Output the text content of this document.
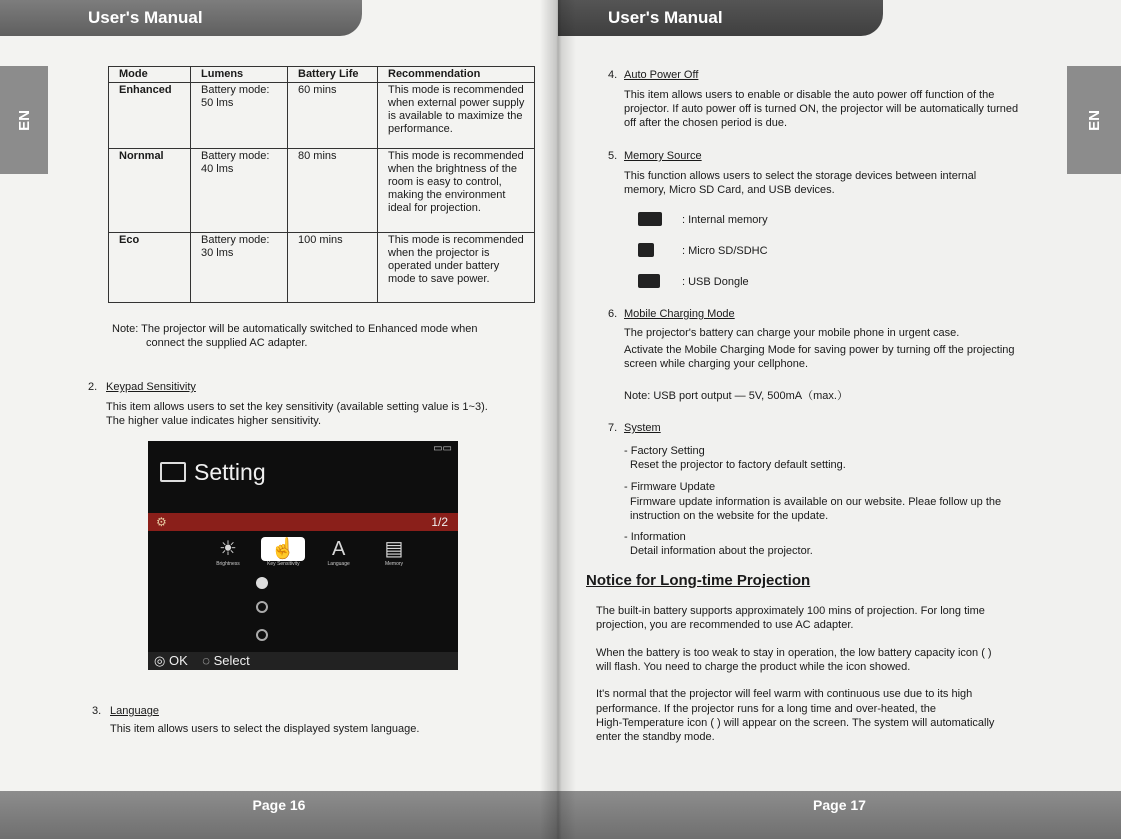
User's Manual
EN
Mode	Lumens	Battery Life	Recommendation
Enhanced	Battery mode: 50 lms	60 mins	This mode is recommended when external power supply is available to maximize the performance.
Nornmal	Battery mode: 40 lms	80 mins	This mode is recommended when the brightness of the room is easy to control, making the environment ideal for projection.
Eco	Battery mode: 30 lms	100 mins	This mode is recommended when the projector is operated under battery mode to save power.
Note: The projector will be automatically switched to Enhanced mode when
connect the supplied AC adapter.
2. Keypad Sensitivity
This item allows users to set the key sensitivity (available setting value is 1~3).
The higher value indicates higher sensitivity.
▭▭
Setting
⚙	1/2
☀
Brightness
☝
Key Sensitivity
A
Language
▤
Memory
◎ OK ◌ Select
3. Language
This item allows users to select the displayed system language.
Page 16
User's Manual
EN
4. Auto Power Off
This item allows users to enable or disable the auto power off function of the
projector. If auto power off is turned ON, the projector will be automatically turned
off after the chosen period is due.
5. Memory Source
This function allows users to select the storage devices between internal
memory, Micro SD Card, and USB devices.
: Internal memory
: Micro SD/SDHC
: USB Dongle
6. Mobile Charging Mode
The projector's battery can charge your mobile phone in urgent case.
Activate the Mobile Charging Mode for saving power by turning off the projecting
screen while charging your cellphone.
Note: USB port output — 5V, 500mA（max.）
7. System
- Factory Setting
Reset the projector to factory default setting.
- Firmware Update
Firmware update information is available on our website. Pleae follow up the
instruction on the website for the update.
- Information
Detail information about the projector.
Notice for Long-time Projection
The built-in battery supports approximately 100 mins of projection. For long time
projection, you are recommended to use AC adapter.
When the battery is too weak to stay in operation, the low battery capacity icon ( )
will flash. You need to charge the product while the icon showed.
It's normal that the projector will feel warm with continuous use due to its high
performance. If the projector runs for a long time and over-heated, the
High-Temperature icon ( ) will appear on the screen. The system will automatically
enter the standby mode.
Page 17
